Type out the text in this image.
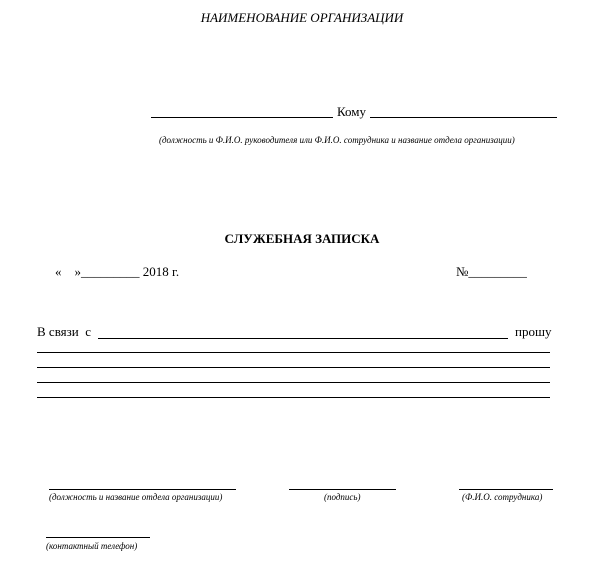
НАИМЕНОВАНИЕ ОРГАНИЗАЦИИ
Кому
(должность и Ф.И.О. руководителя или Ф.И.О. сотрудника и название отдела организации)
СЛУЖЕБНАЯ ЗАПИСКА
«    »_________ 2018 г.	№_________
В связи  с	прошу
(должность и название отдела организации)	(подпись)	(Ф.И.О. сотрудника)
(контактный телефон)
